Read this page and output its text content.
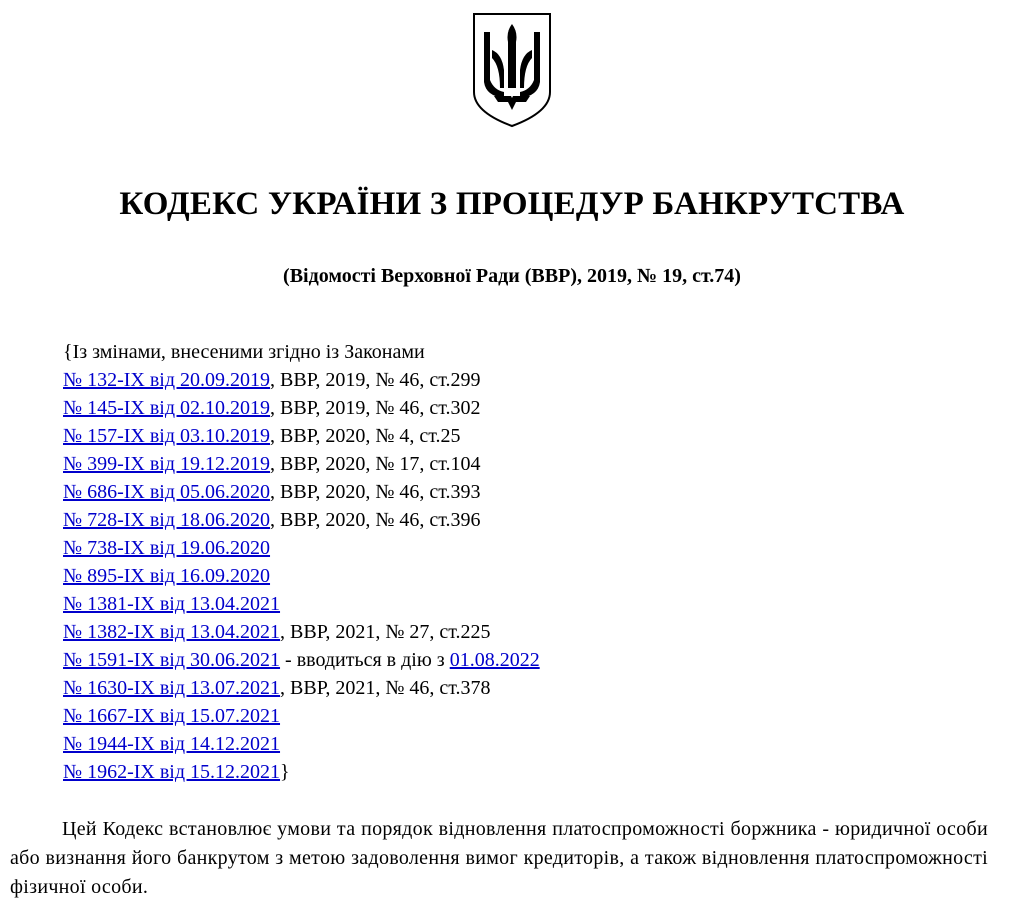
КОДЕКС УКРАЇНИ З ПРОЦЕДУР БАНКРУТСТВА

(Відомості Верховної Ради (ВВР), 2019, № 19, ст.74)

{Із змінами, внесеними згідно із Законами
№ 132-IX від 20.09.2019, ВВР, 2019, № 46, ст.299
№ 145-IX від 02.10.2019, ВВР, 2019, № 46, ст.302
№ 157-IX від 03.10.2019, ВВР, 2020, № 4, ст.25
№ 399-IX від 19.12.2019, ВВР, 2020, № 17, ст.104
№ 686-IX від 05.06.2020, ВВР, 2020, № 46, ст.393
№ 728-IX від 18.06.2020, ВВР, 2020, № 46, ст.396
№ 738-IX від 19.06.2020
№ 895-IX від 16.09.2020
№ 1381-IX від 13.04.2021
№ 1382-IX від 13.04.2021, ВВР, 2021, № 27, ст.225
№ 1591-IX від 30.06.2021 - вводиться в дію з 01.08.2022
№ 1630-IX від 13.07.2021, ВВР, 2021, № 46, ст.378
№ 1667-IX від 15.07.2021
№ 1944-IX від 14.12.2021
№ 1962-IX від 15.12.2021}

Цей Кодекс встановлює умови та порядок відновлення платоспроможності боржника - юридичної особи або визнання його банкрутом з метою задоволення вимог кредиторів, а також відновлення платоспроможності фізичної особи.
